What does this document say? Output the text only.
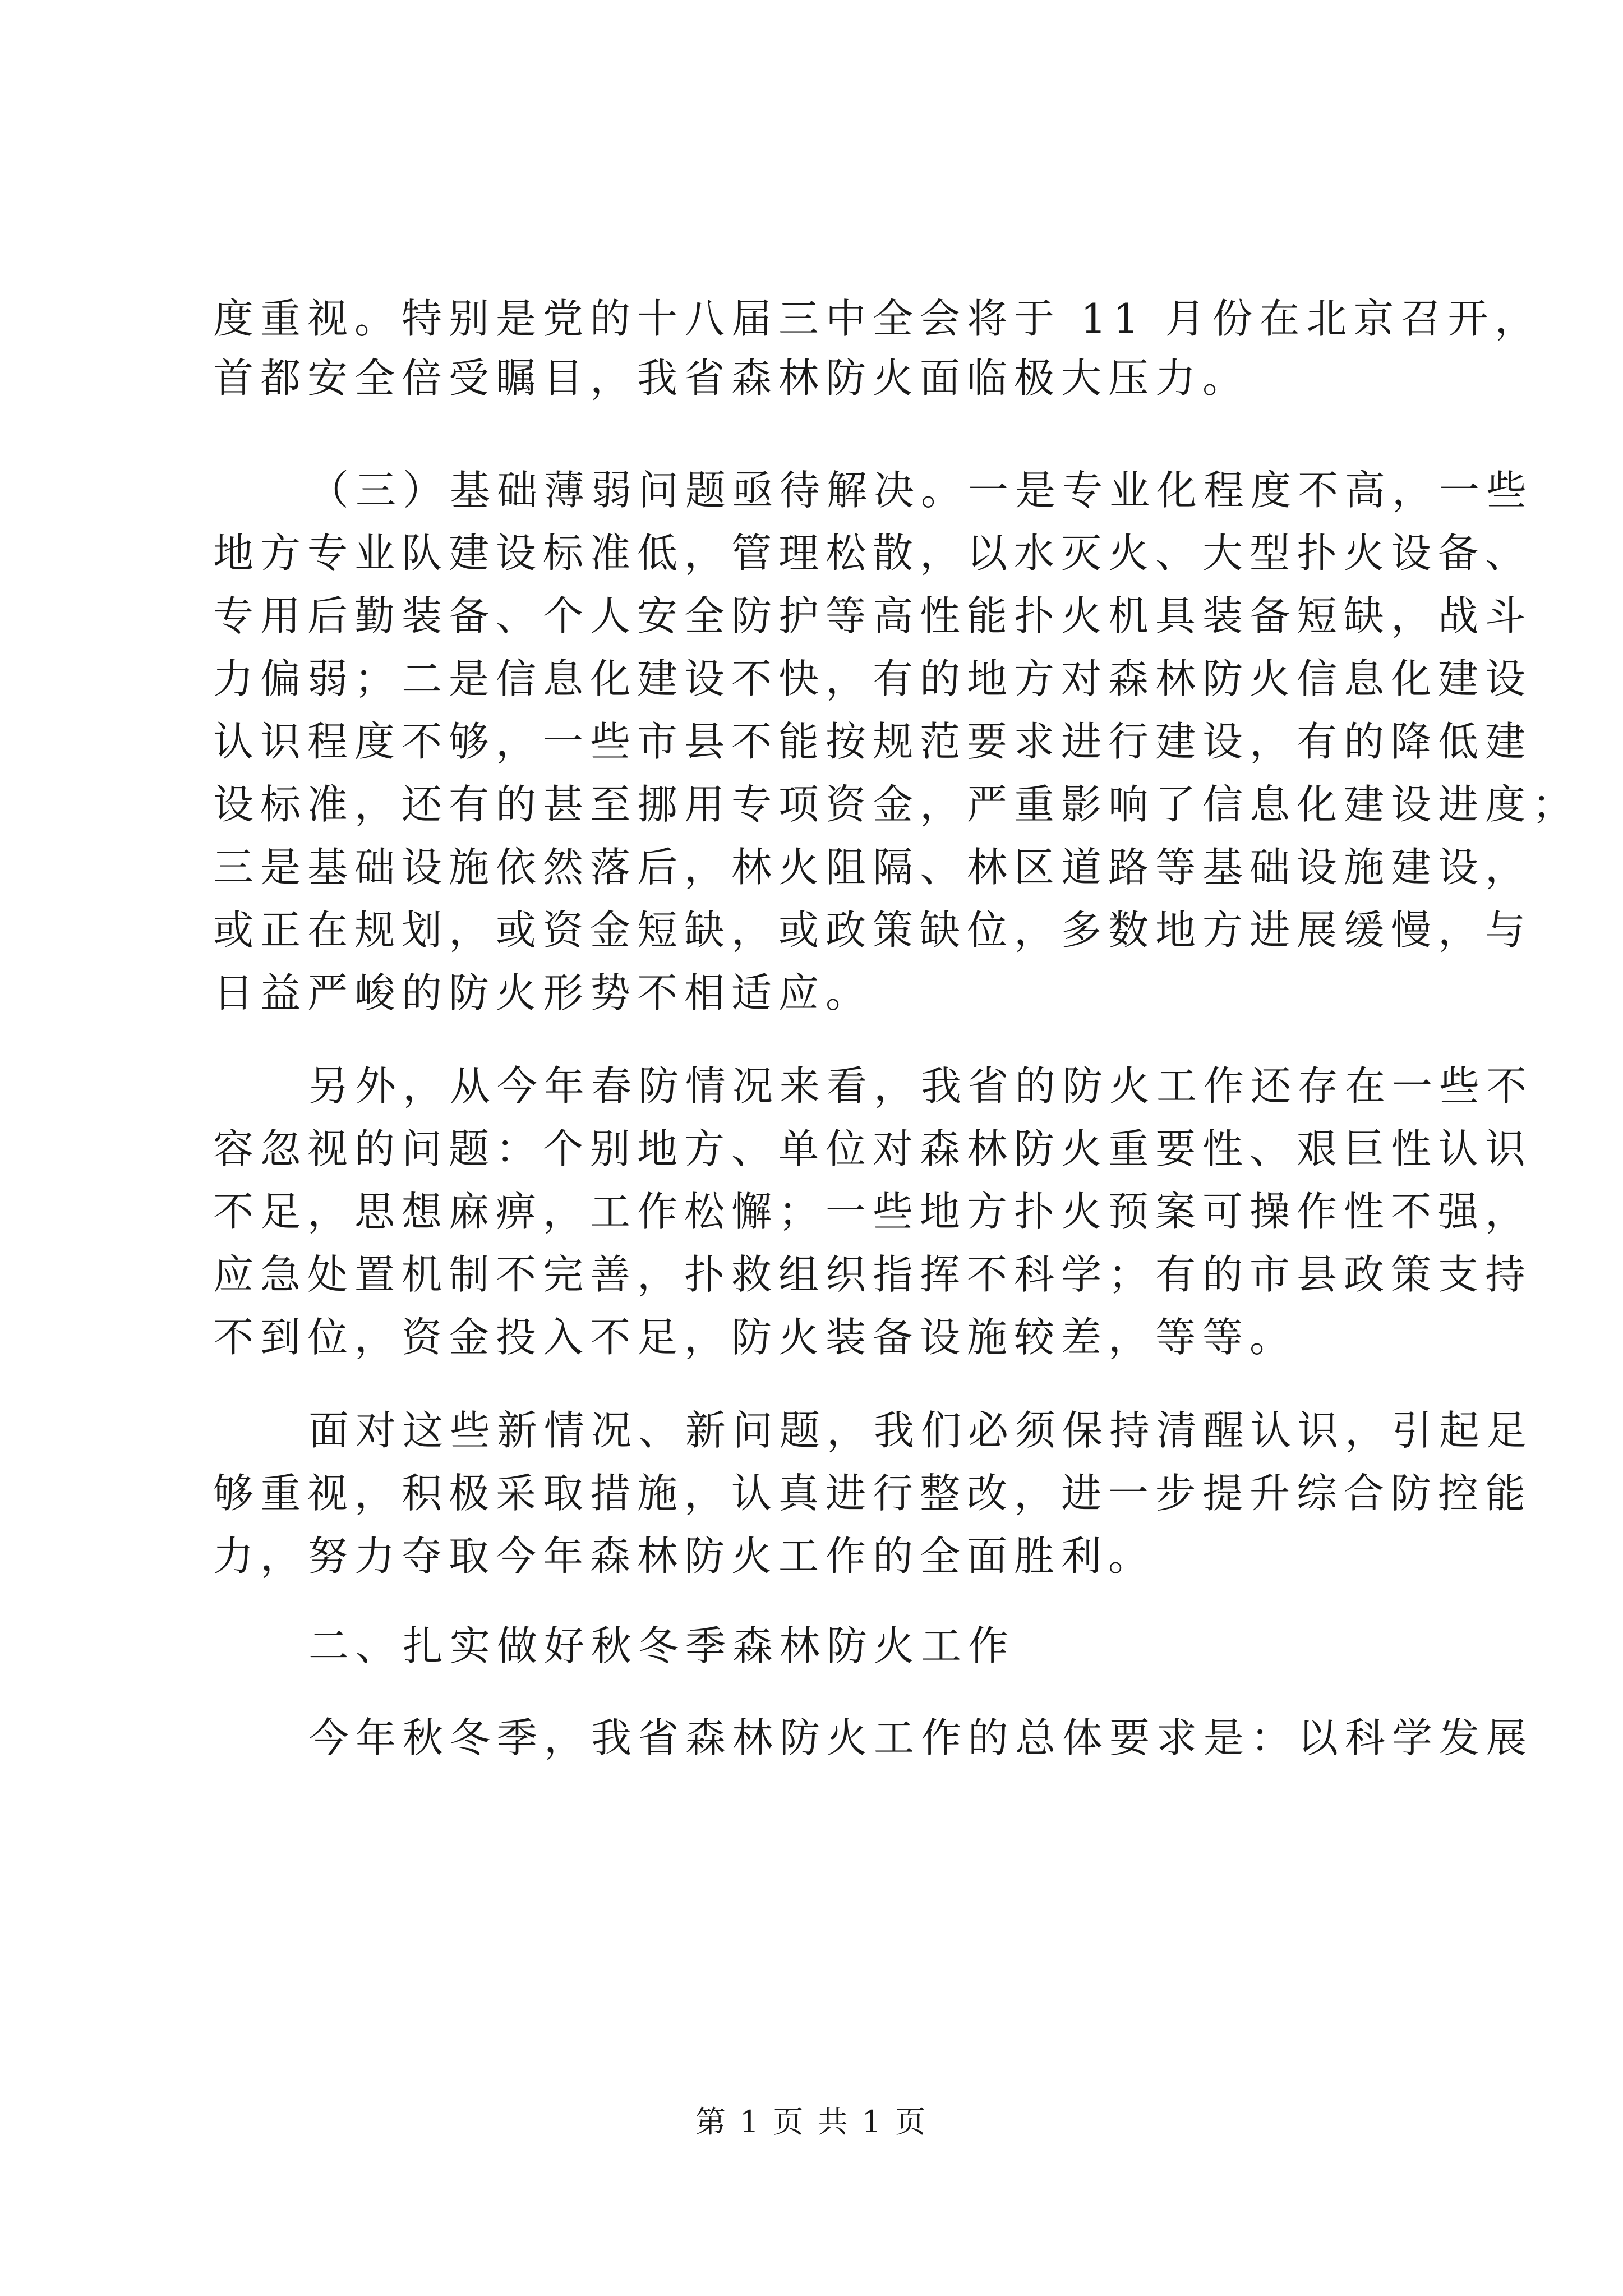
度重视。特别是党的十八届三中全会将于 11 月份在北京召开，
首都安全倍受瞩目，我省森林防火面临极大压力。
（三）基础薄弱问题亟待解决。一是专业化程度不高，一些
地方专业队建设标准低，管理松散，以水灭火、大型扑火设备、
专用后勤装备、个人安全防护等高性能扑火机具装备短缺，战斗
力偏弱；二是信息化建设不快，有的地方对森林防火信息化建设
认识程度不够，一些市县不能按规范要求进行建设，有的降低建
设标准，还有的甚至挪用专项资金，严重影响了信息化建设进度；
三是基础设施依然落后，林火阻隔、林区道路等基础设施建设，
或正在规划，或资金短缺，或政策缺位，多数地方进展缓慢，与
日益严峻的防火形势不相适应。
另外，从今年春防情况来看，我省的防火工作还存在一些不
容忽视的问题：个别地方、单位对森林防火重要性、艰巨性认识
不足，思想麻痹，工作松懈；一些地方扑火预案可操作性不强，
应急处置机制不完善，扑救组织指挥不科学；有的市县政策支持
不到位，资金投入不足，防火装备设施较差，等等。
面对这些新情况、新问题，我们必须保持清醒认识，引起足
够重视，积极采取措施，认真进行整改，进一步提升综合防控能
力，努力夺取今年森林防火工作的全面胜利。
二、扎实做好秋冬季森林防火工作
今年秋冬季，我省森林防火工作的总体要求是：以科学发展
第 1 页 共 1 页
